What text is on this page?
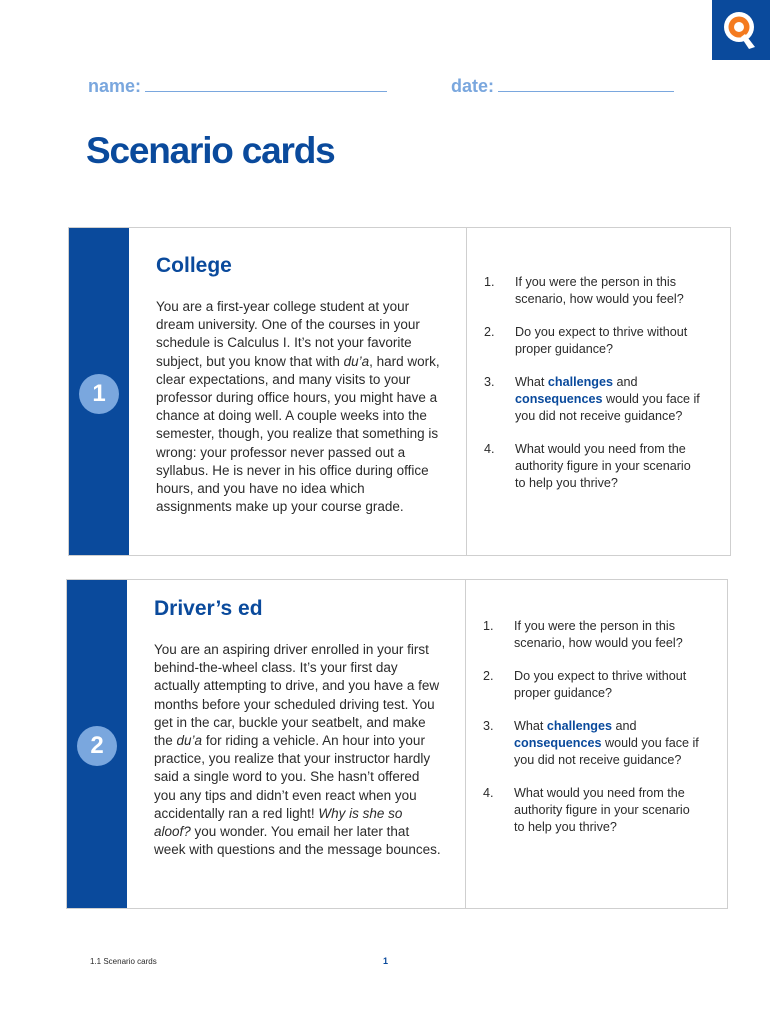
name:	date:
Scenario cards
1
College

You are a first-year college student at your dream university. One of the courses in your schedule is Calculus I. It’s not your favorite subject, but you know that with du’a, hard work, clear expectations, and many visits to your professor during office hours, you might have a chance at doing well. A couple weeks into the semester, though, you realize that something is wrong: your professor never passed out a syllabus. He is never in his office during office hours, and you have no idea which assignments make up your course grade.

1. If you were the person in this scenario, how would you feel?
2. Do you expect to thrive without proper guidance?
3. What challenges and consequences would you face if you did not receive guidance?
4. What would you need from the authority figure in your scenario to help you thrive?
2
Driver’s ed

You are an aspiring driver enrolled in your first behind-the-wheel class. It’s your first day actually attempting to drive, and you have a few months before your scheduled driving test. You get in the car, buckle your seatbelt, and make the du’a for riding a vehicle. An hour into your practice, you realize that your instructor hardly said a single word to you. She hasn’t offered you any tips and didn’t even react when you accidentally ran a red light! Why is she so aloof? you wonder. You email her later that week with questions and the message bounces.

1. If you were the person in this scenario, how would you feel?
2. Do you expect to thrive without proper guidance?
3. What challenges and consequences would you face if you did not receive guidance?
4. What would you need from the authority figure in your scenario to help you thrive?
1.1 Scenario cards	1
